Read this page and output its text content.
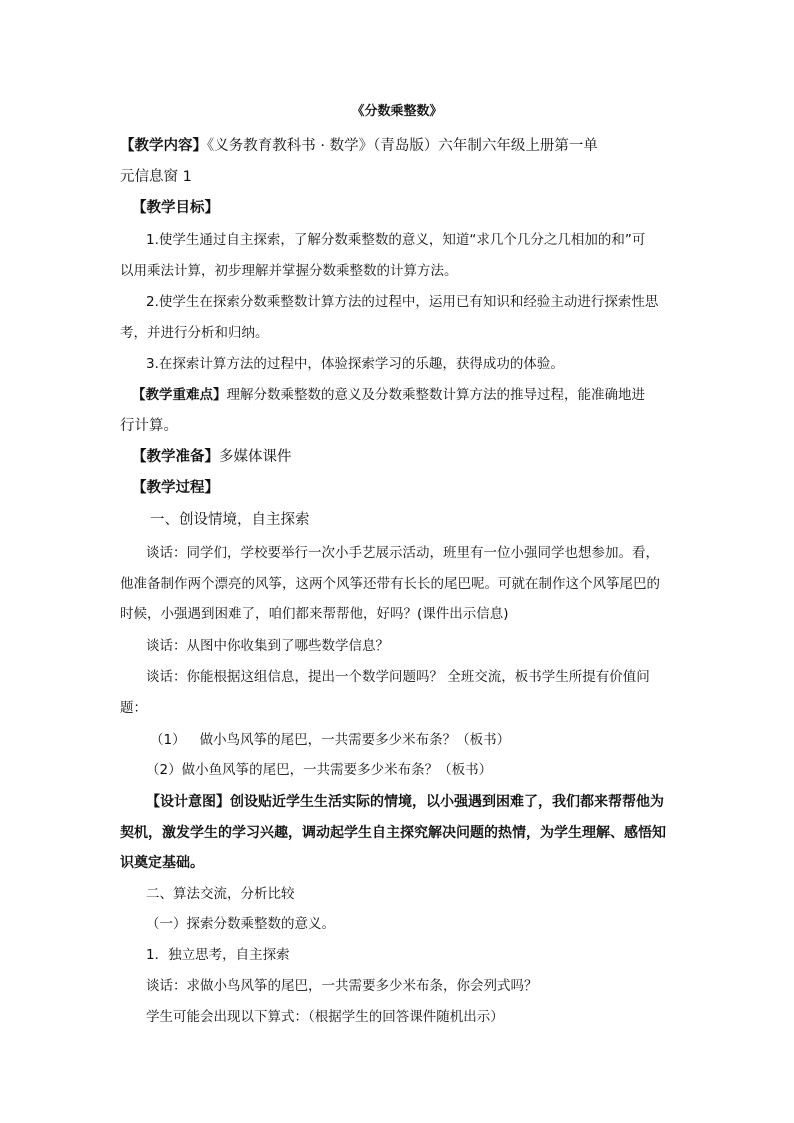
《分数乘整数》
【教学内容】《义务教育教科书 · 数学》（青岛版）六年制六年级上册第一单
元信息窗 1
【教学目标】
1.使学生通过自主探索，了解分数乘整数的意义，知道“求几个几分之几相加的和”可
以用乘法计算，初步理解并掌握分数乘整数的计算方法。
2.使学生在探索分数乘整数计算方法的过程中，运用已有知识和经验主动进行探索性思
考，并进行分析和归纳。
3.在探索计算方法的过程中，体验探索学习的乐趣，获得成功的体验。
【教学重难点】理解分数乘整数的意义及分数乘整数计算方法的推导过程，能准确地进
行计算。
【教学准备】多媒体课件
【教学过程】
一、创设情境，自主探索
谈话：同学们，学校要举行一次小手艺展示活动，班里有一位小强同学也想参加。看，
他准备制作两个漂亮的风筝，这两个风筝还带有长长的尾巴呢。可就在制作这个风筝尾巴的
时候，小强遇到困难了，咱们都来帮帮他，好吗？(课件出示信息)
谈话：从图中你收集到了哪些数学信息？
谈话：你能根据这组信息，提出一个数学问题吗？ 全班交流，板书学生所提有价值问
题：
（1） 做小鸟风筝的尾巴，一共需要多少米布条？（板书）
（2）做小鱼风筝的尾巴，一共需要多少米布条？（板书）
【设计意图】创设贴近学生生活实际的情境，以小强遇到困难了，我们都来帮帮他为
契机，激发学生的学习兴趣，调动起学生自主探究解决问题的热情，为学生理解、感悟知
识奠定基础。
二、算法交流，分析比较
（一）探索分数乘整数的意义。
1．独立思考，自主探索
谈话：求做小鸟风筝的尾巴，一共需要多少米布条，你会列式吗？
学生可能会出现以下算式：（根据学生的回答课件随机出示）
